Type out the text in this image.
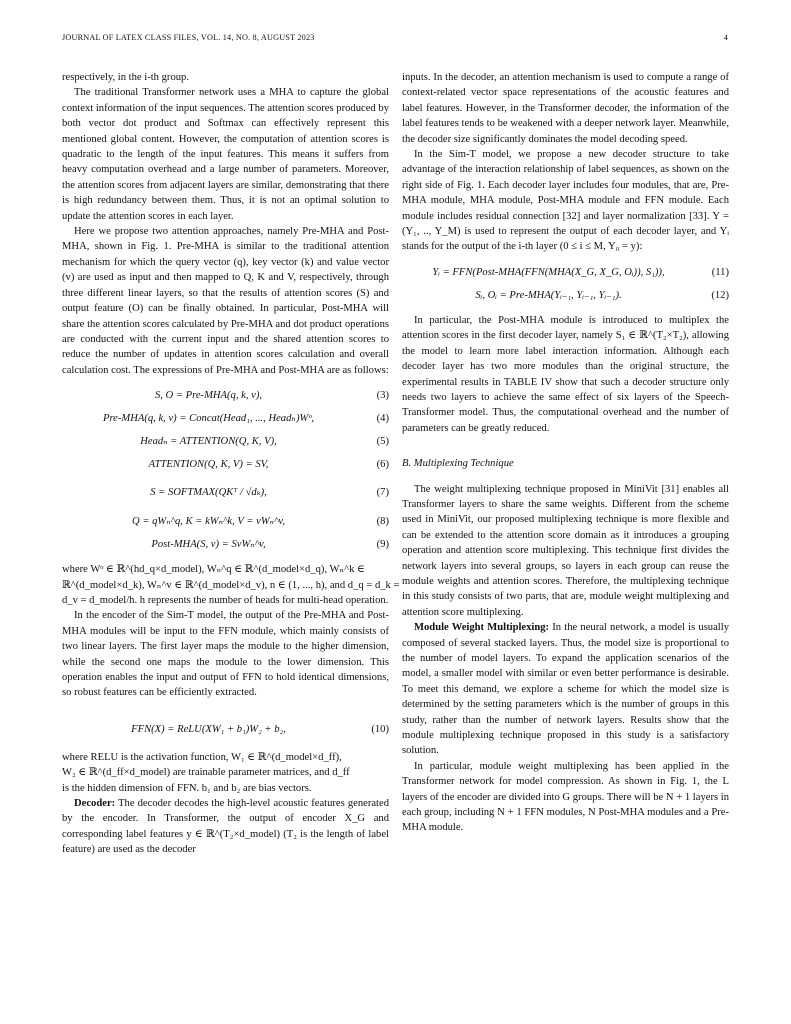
JOURNAL OF LATEX CLASS FILES, VOL. 14, NO. 8, AUGUST 2023	4

respectively, in the i-th group.

The traditional Transformer network uses a MHA to capture the global context information of the input sequences. The attention scores produced by both vector dot product and Softmax can effectively represent this mentioned global content. However, the computation of attention scores is quadratic to the length of the input features. This means it suffers from heavy computation overhead and a large number of parameters. Moreover, the attention scores from adjacent layers are similar, demonstrating that there is high redundancy between them. Thus, it is not an optimal solution to update the attention scores in each layer.

Here we propose two attention approaches, namely Pre-MHA and Post-MHA, shown in Fig. 1. Pre-MHA is similar to the traditional attention mechanism for which the query vector (q), key vector (k) and value vector (v) are used as input and then mapped to Q, K and V, respectively, through three different linear layers, so that the results of attention scores (S) and output feature (O) can be finally obtained. In particular, Post-MHA will share the attention scores calculated by Pre-MHA and dot product operations are conducted with the current input and the shared attention scores to reduce the number of updates in attention scores calculation and overall calculation cost. The expressions of Pre-MHA and Post-MHA are as follows:

S, O = Pre-MHA(q, k, v),	(3)
Pre-MHA(q, k, v) = Concat(Head₁, ..., Headₕ)Wᵒ,	(4)
Headₙ = ATTENTION(Q, K, V),	(5)
ATTENTION(Q, K, V) = SV,	(6)
S = SOFTMAX(QKᵀ / √dₖ),	(7)
Q = qWₙ^q, K = kWₙ^k, V = vWₙ^v,	(8)
Post-MHA(S, v) = SvWₙ^v,	(9)

where Wᵒ ∈ ℝ^(hd_q×d_model), Wₙ^q ∈ ℝ^(d_model×d_q), Wₙ^k ∈

ℝ^(d_model×d_k), Wₙ^v ∈ ℝ^(d_model×d_v), n ∈ (1, ..., h), and d_q = d_k =

d_v = d_model/h. h represents the number of heads for multi-head operation.

In the encoder of the Sim-T model, the output of the Pre-MHA and Post-MHA modules will be input to the FFN module, which mainly consists of two linear layers. The first layer maps the module to the higher dimension, while the second one maps the module to the lower dimension. This operation enables the input and output of FFN to hold identical dimensions, so robust features can be efficiently extracted.

FFN(X) = ReLU(XW₁ + b₁)W₂ + b₂,	(10)

where RELU is the activation function, W₁ ∈ ℝ^(d_model×d_ff),

W₂ ∈ ℝ^(d_ff×d_model) are trainable parameter matrices, and d_ff

is the hidden dimension of FFN. b₁ and b₂ are bias vectors.

Decoder: The decoder decodes the high-level acoustic features generated by the encoder. In Transformer, the output of encoder X_G and corresponding label features y ∈ ℝ^(T₂×d_model) (T₂ is the length of label feature) are used as the decoder

inputs. In the decoder, an attention mechanism is used to compute a range of context-related vector space representations of the acoustic features and label features. However, in the Transformer decoder, the information of the label features tends to be weakened with a deeper network layer. Meanwhile, the decoder size significantly dominates the model decoding speed.

In the Sim-T model, we propose a new decoder structure to take advantage of the interaction relationship of label sequences, as shown on the right side of Fig. 1. Each decoder layer includes four modules, that are, Pre-MHA module, MHA module, Post-MHA module and FFN module. Each module includes residual connection [32] and layer normalization [33]. Y = (Y₁, .., Y_M) is used to represent the output of each decoder layer, and Yᵢ stands for the output of the i-th layer (0 ≤ i ≤ M, Y₀ = y):

Yᵢ = FFN(Post-MHA(FFN(MHA(X_G, X_G, Oᵢ)), S₁)),	(11)
Sᵢ, Oᵢ = Pre-MHA(Yᵢ₋₁, Yᵢ₋₁, Yᵢ₋₁).	(12)

In particular, the Post-MHA module is introduced to multiplex the attention scores in the first decoder layer, namely S₁ ∈ ℝ^(T₂×T₂), allowing the model to learn more label interaction information. Although each decoder layer has two more modules than the original structure, the experimental results in TABLE IV show that such a decoder structure only needs two layers to achieve the same effect of six layers of the Speech-Transformer model. Thus, the computational overhead and the number of parameters can be greatly reduced.

B. Multiplexing Technique

The weight multiplexing technique proposed in MiniVit [31] enables all Transformer layers to share the same weights. Different from the scheme used in MiniVit, our proposed multiplexing technique is more flexible and can be extended to the attention score domain as it introduces a grouping operation and attention score multiplexing. This technique first divides the network layers into several groups, so layers in each group can reuse the module weights and attention scores. Therefore, the multiplexing technique in this study consists of two parts, that are, module weight multiplexing and attention score multiplexing.

Module Weight Multiplexing: In the neural network, a model is usually composed of several stacked layers. Thus, the model size is proportional to the number of model layers. To expand the application scenarios of the model, a smaller model with similar or even better performance is desirable. To meet this demand, we explore a scheme for which the model size is determined by the setting parameters which is the number of groups in this study, rather than the number of network layers. Results show that the module multiplexing technique proposed in this study is a satisfactory solution.

In particular, module weight multiplexing has been applied in the Transformer network for model compression. As shown in Fig. 1, the L layers of the encoder are divided into G groups. There will be N + 1 layers in each group, including N + 1 FFN modules, N Post-MHA modules and a Pre-MHA module.
